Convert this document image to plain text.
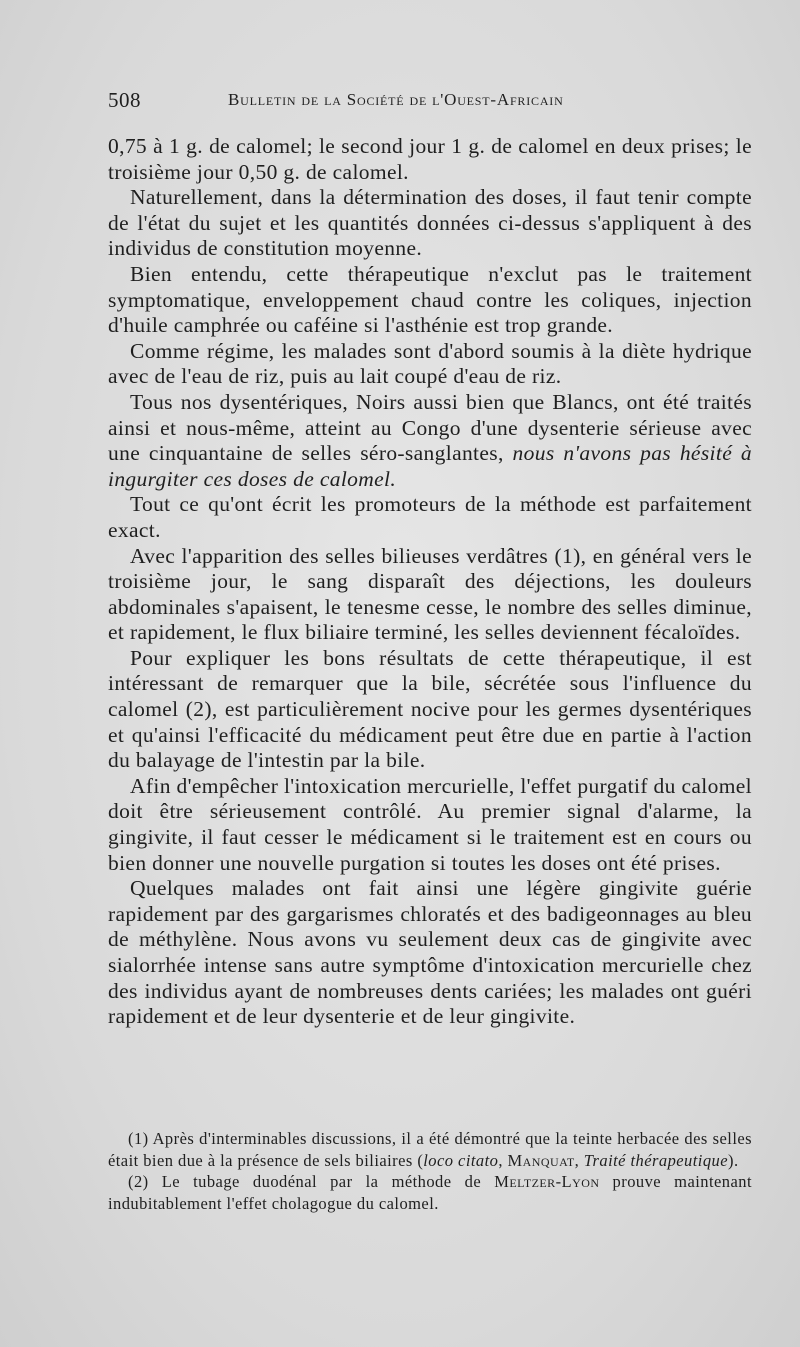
508	Bulletin de la Société de l'Ouest-Africain

0,75 à 1 g. de calomel; le second jour 1 g. de calomel en deux prises; le troisième jour 0,50 g. de calomel.

Naturellement, dans la détermination des doses, il faut tenir compte de l'état du sujet et les quantités données ci-dessus s'appliquent à des individus de constitution moyenne.

Bien entendu, cette thérapeutique n'exclut pas le traitement symptomatique, enveloppement chaud contre les coliques, injection d'huile camphrée ou caféine si l'asthénie est trop grande.

Comme régime, les malades sont d'abord soumis à la diète hydrique avec de l'eau de riz, puis au lait coupé d'eau de riz.

Tous nos dysentériques, Noirs aussi bien que Blancs, ont été traités ainsi et nous-même, atteint au Congo d'une dysenterie sérieuse avec une cinquantaine de selles séro-sanglantes, nous n'avons pas hésité à ingurgiter ces doses de calomel.

Tout ce qu'ont écrit les promoteurs de la méthode est parfaitement exact.

Avec l'apparition des selles bilieuses verdâtres (1), en général vers le troisième jour, le sang disparaît des déjections, les douleurs abdominales s'apaisent, le tenesme cesse, le nombre des selles diminue, et rapidement, le flux biliaire terminé, les selles deviennent fécaloïdes.

Pour expliquer les bons résultats de cette thérapeutique, il est intéressant de remarquer que la bile, sécrétée sous l'influence du calomel (2), est particulièrement nocive pour les germes dysentériques et qu'ainsi l'efficacité du médicament peut être due en partie à l'action du balayage de l'intestin par la bile.

Afin d'empêcher l'intoxication mercurielle, l'effet purgatif du calomel doit être sérieusement contrôlé. Au premier signal d'alarme, la gingivite, il faut cesser le médicament si le traitement est en cours ou bien donner une nouvelle purgation si toutes les doses ont été prises.

Quelques malades ont fait ainsi une légère gingivite guérie rapidement par des gargarismes chloratés et des badigeonnages au bleu de méthylène. Nous avons vu seulement deux cas de gingivite avec sialorrhée intense sans autre symptôme d'intoxication mercurielle chez des individus ayant de nombreuses dents cariées; les malades ont guéri rapidement et de leur dysenterie et de leur gingivite.

(1) Après d'interminables discussions, il a été démontré que la teinte herbacée des selles était bien due à la présence de sels biliaires (loco citato, Manquat, Traité thérapeutique).

(2) Le tubage duodénal par la méthode de Meltzer-Lyon prouve maintenant indubitablement l'effet cholagogue du calomel.
